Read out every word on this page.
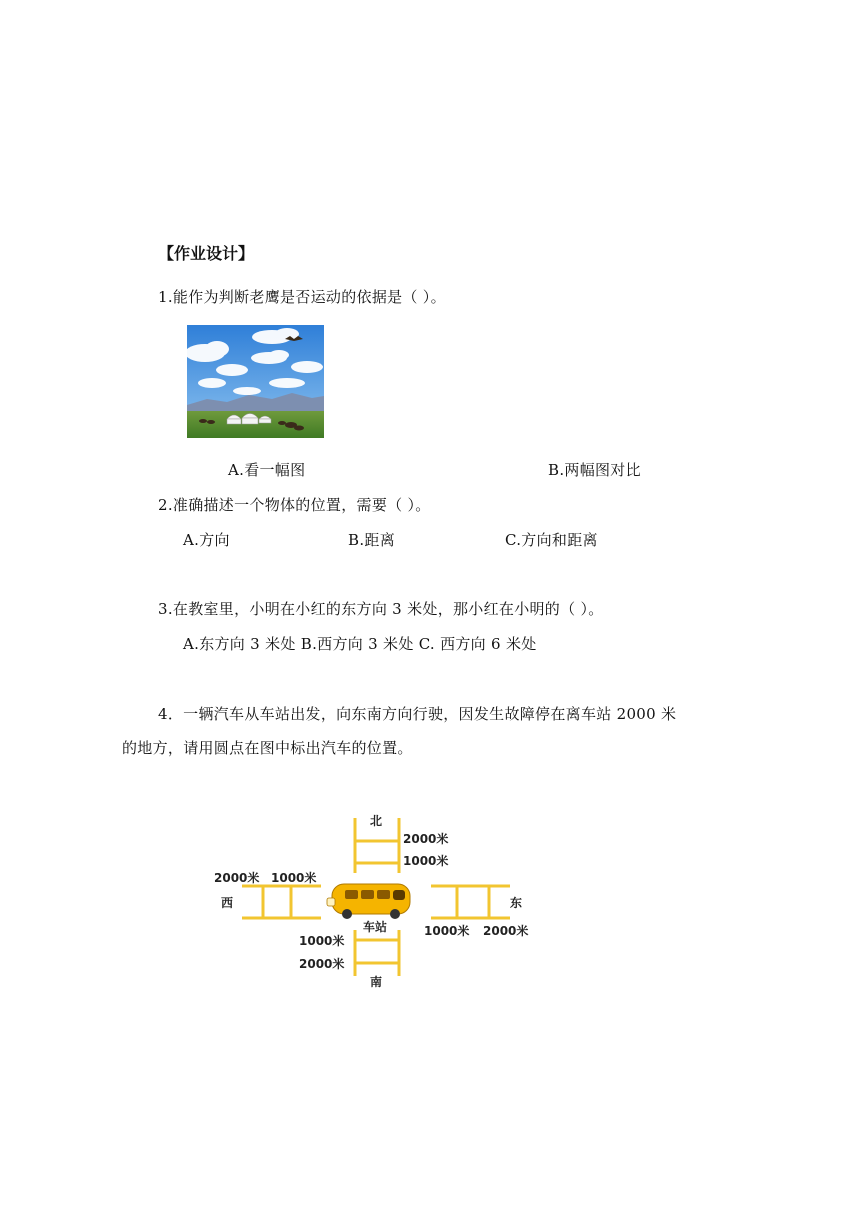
【作业设计】
1.能作为判断老鹰是否运动的依据是（ ）。
A.看一幅图	B.两幅图对比
2.准确描述一个物体的位置，需要（ ）。
A.方向	B.距离	C.方向和距离
3.在教室里，小明在小红的东方向 3 米处，那小红在小明的（ ）。
A.东方向 3 米处 B.西方向 3 米处 C. 西方向 6 米处
4．一辆汽车从车站出发，向东南方向行驶，因发生故障停在离车站 2000 米
的地方，请用圆点在图中标出汽车的位置。
北
2000米
1000米
2000米 1000米
西	东
车站	1000米 2000米
1000米
2000米
南
